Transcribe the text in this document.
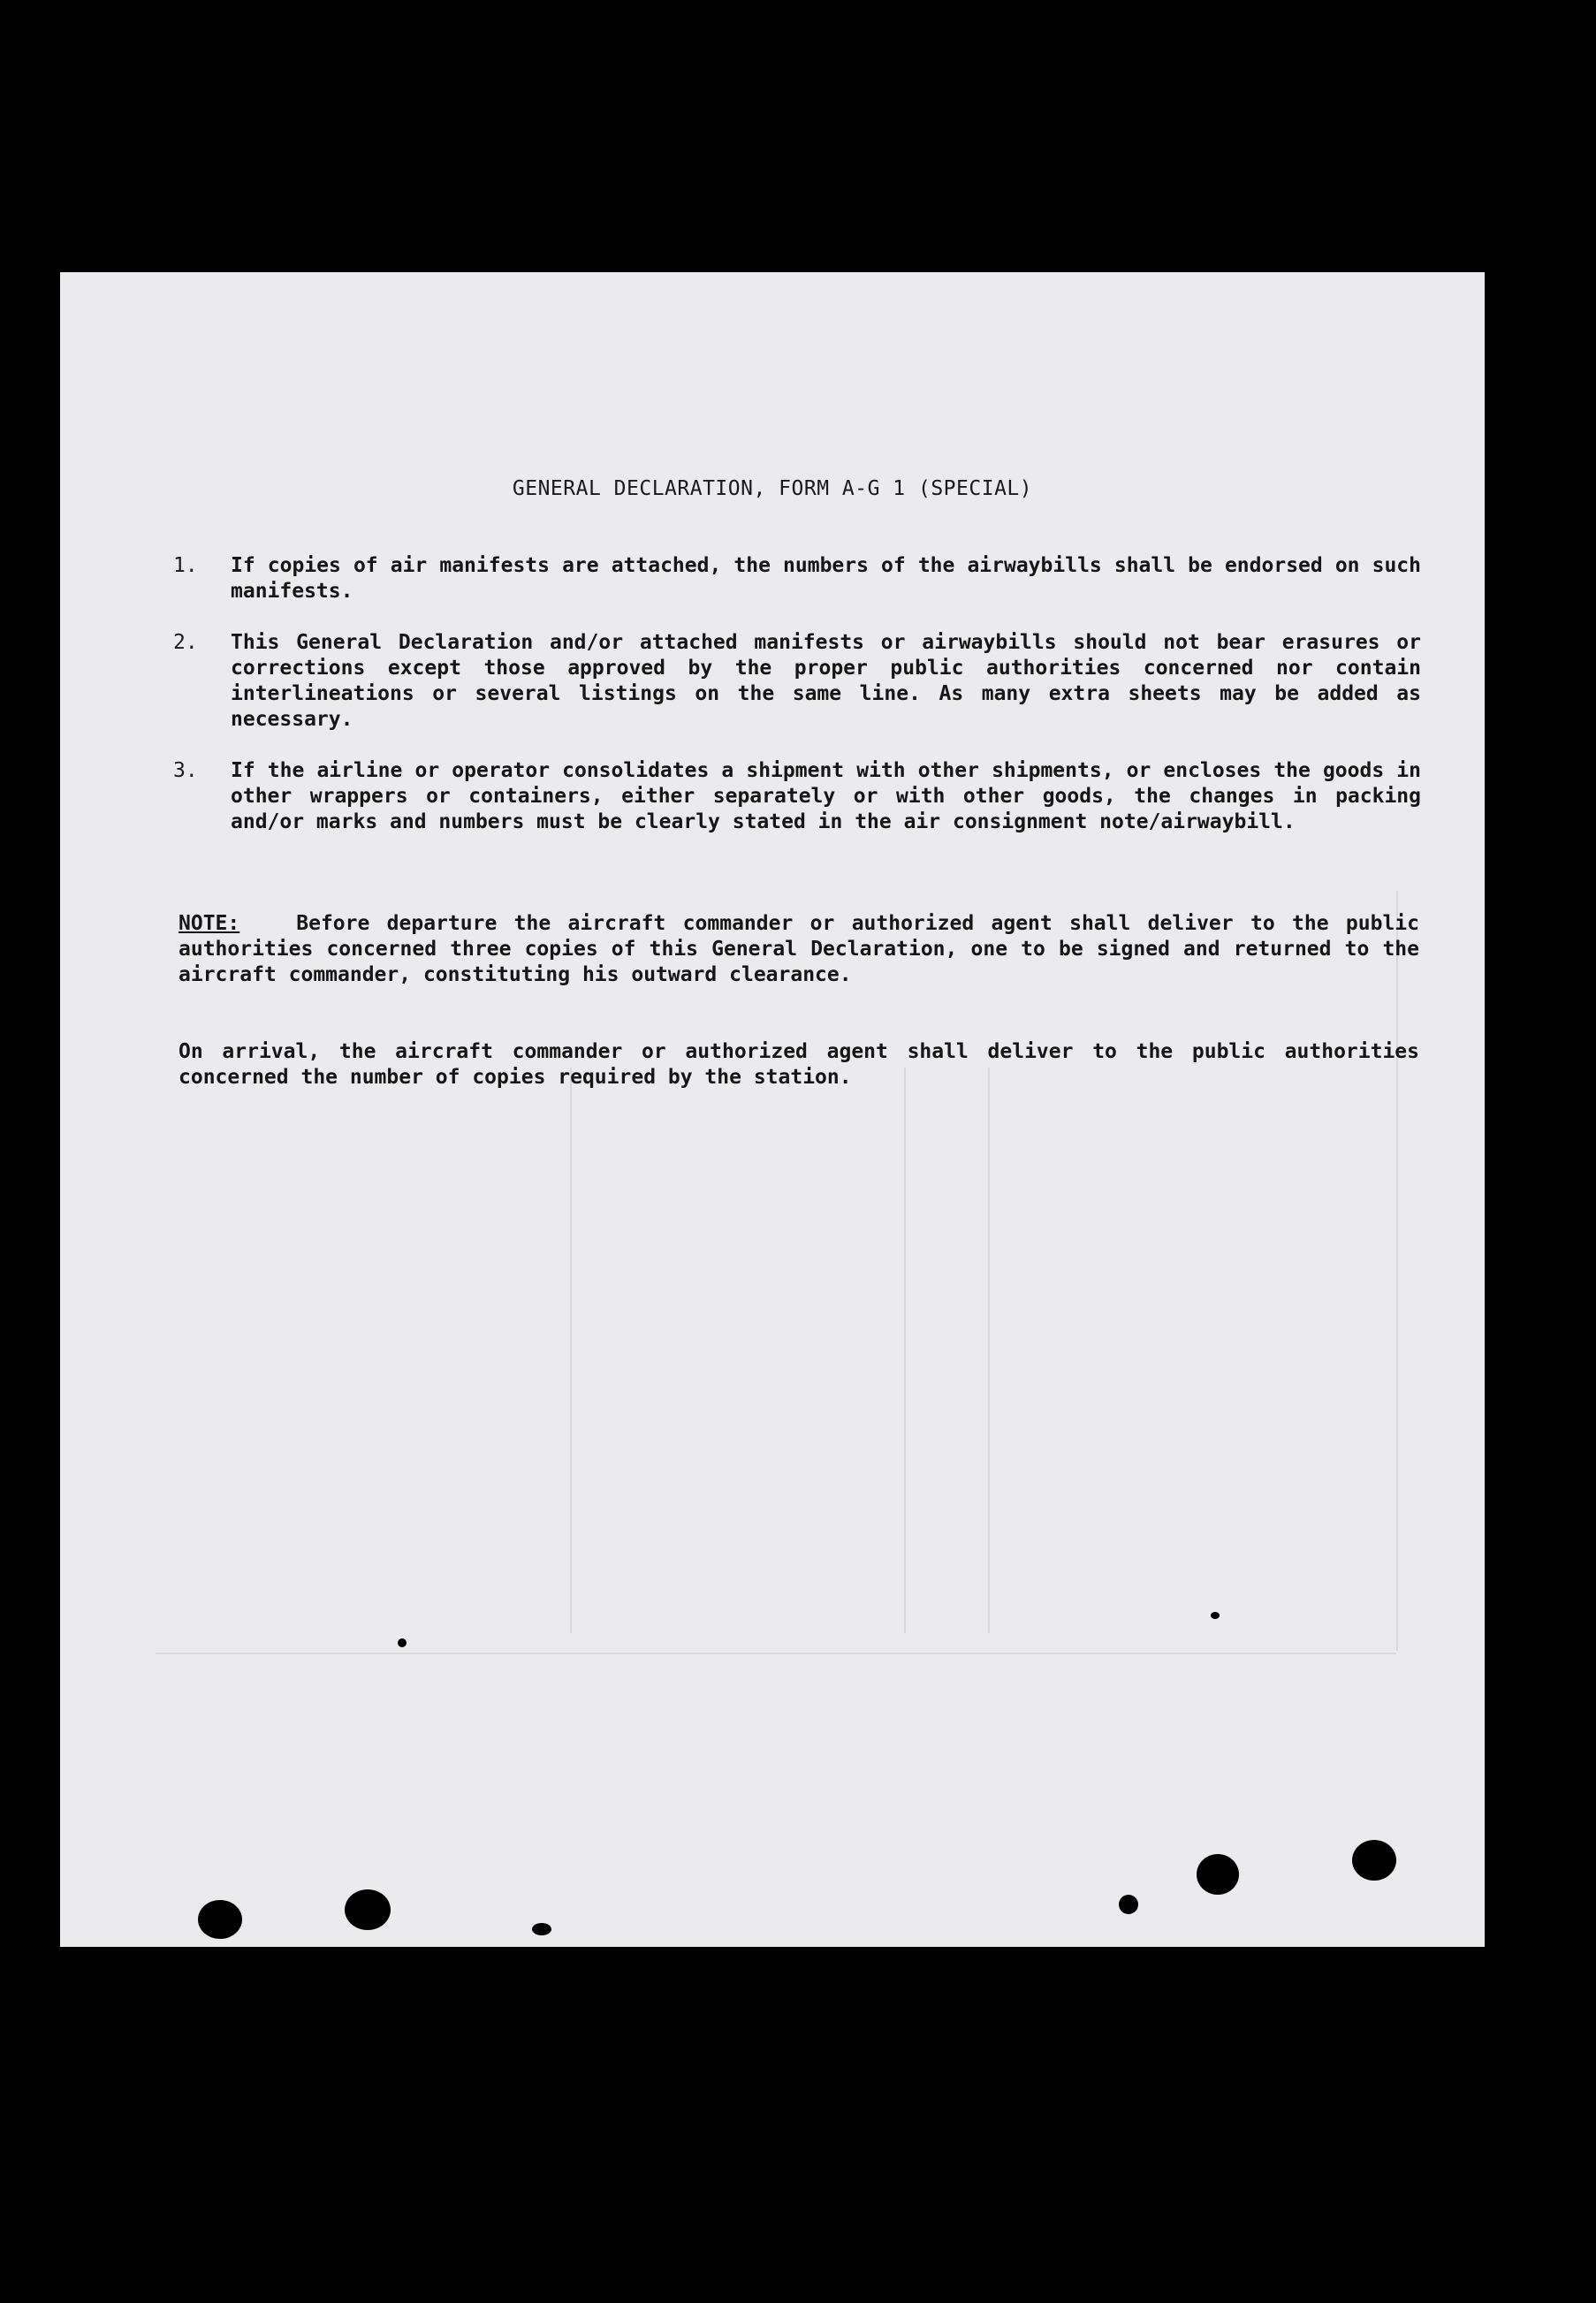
GENERAL DECLARATION, FORM A-G 1 (SPECIAL)
1.	If copies of air manifests are attached, the numbers of the airwaybills shall be endorsed on such manifests.
2.	This General Declaration and/or attached manifests or airwaybills should not bear erasures or corrections except those approved by the proper public authorities concerned nor contain interlineations or several listings on the same line. As many extra sheets may be added as necessary.
3.	If the airline or operator consolidates a shipment with other shipments, or encloses the goods in other wrappers or containers, either separately or with other goods, the changes in packing and/or marks and numbers must be clearly stated in the air consignment note/airwaybill.

NOTE:	Before departure the aircraft commander or authorized agent shall deliver to the public authorities concerned three copies of this General Declaration, one to be signed and returned to the aircraft commander, constituting his outward clearance.

On arrival, the aircraft commander or authorized agent shall deliver to the public authorities concerned the number of copies required by the station.
